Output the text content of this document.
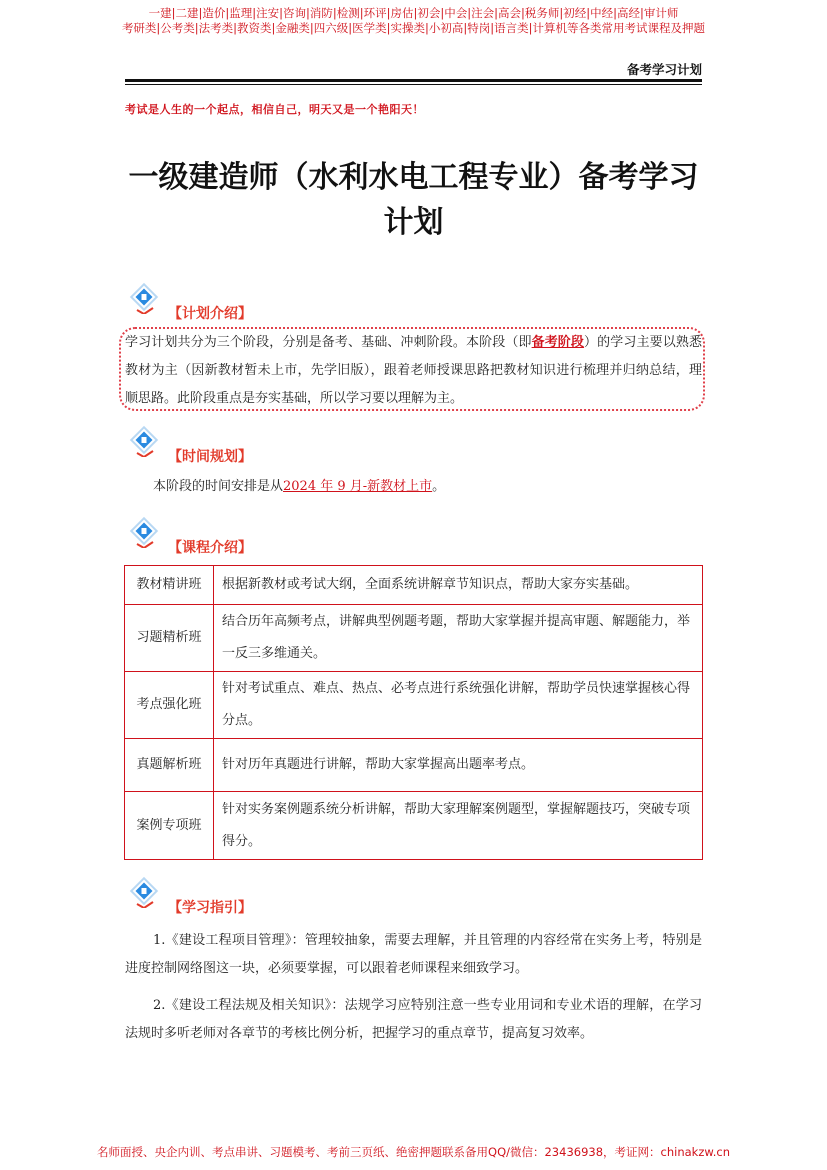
一建|二建|造价|监理|注安|咨询|消防|检测|环评|房估|初会|中会|注会|高会|税务师|初经|中经|高经|审计师
考研类|公考类|法考类|教资类|金融类|四六级|医学类|实操类|小初高|特岗|语言类|计算机等各类常用考试课程及押题
备考学习计划
考试是人生的一个起点，相信自己，明天又是一个艳阳天！
一级建造师（水利水电工程专业）备考学习
计划
【计划介绍】
学习计划共分为三个阶段，分别是备考、基础、冲刺阶段。本阶段（即备考阶段）的学习主要以熟悉教材为主（因新教材暂未上市，先学旧版），跟着老师授课思路把教材知识进行梳理并归纳总结，理顺思路。此阶段重点是夯实基础，所以学习要以理解为主。
【时间规划】
本阶段的时间安排是从2024 年 9 月-新教材上市。
【课程介绍】
教材精讲班	根据新教材或考试大纲，全面系统讲解章节知识点，帮助大家夯实基础。
习题精析班	结合历年高频考点，讲解典型例题考题，帮助大家掌握并提高审题、解题能力，举一反三多维通关。
考点强化班	针对考试重点、难点、热点、必考点进行系统强化讲解，帮助学员快速掌握核心得分点。
真题解析班	针对历年真题进行讲解，帮助大家掌握高出题率考点。
案例专项班	针对实务案例题系统分析讲解，帮助大家理解案例题型，掌握解题技巧，突破专项得分。
【学习指引】
1.《建设工程项目管理》：管理较抽象，需要去理解，并且管理的内容经常在实务上考，特别是进度控制网络图这一块，必须要掌握，可以跟着老师课程来细致学习。
2.《建设工程法规及相关知识》：法规学习应特别注意一些专业用词和专业术语的理解，在学习法规时多听老师对各章节的考核比例分析，把握学习的重点章节，提高复习效率。
名师面授、央企内训、考点串讲、习题模考、考前三页纸、绝密押题联系备用QQ/微信：23436938，考证网：chinakzw.cn
